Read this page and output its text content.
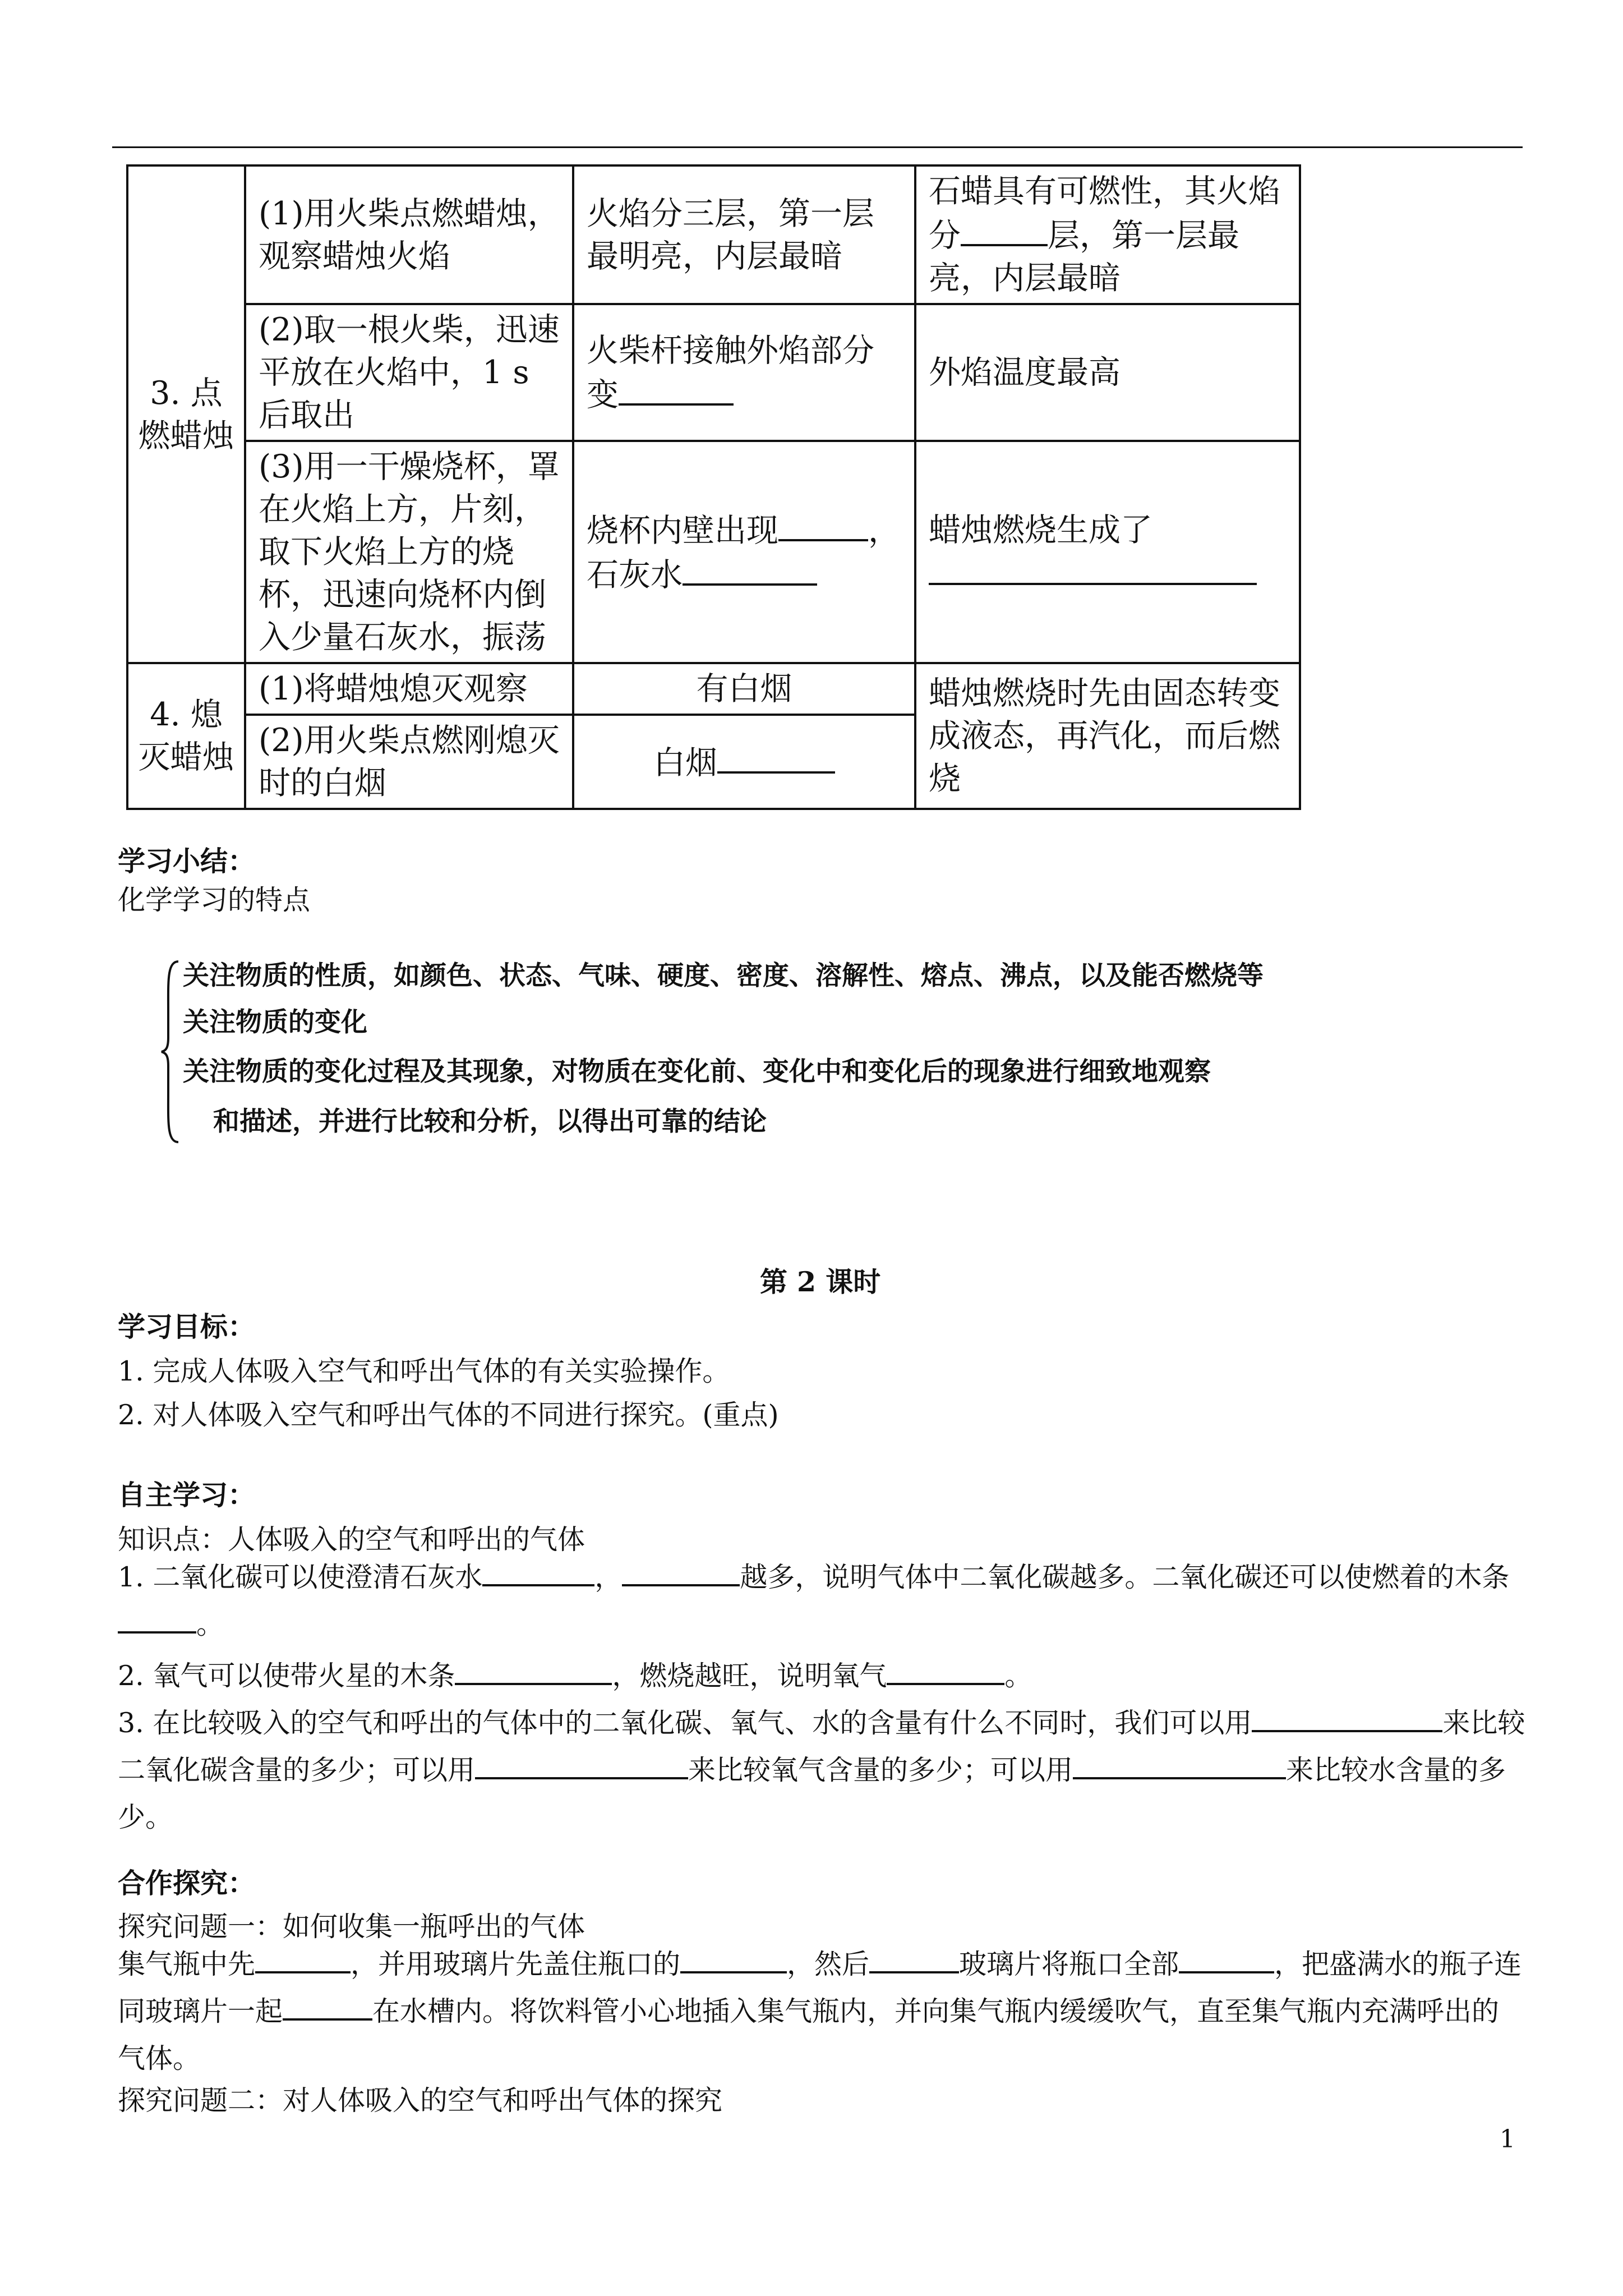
3. 点燃蜡烛	(1)用火柴点燃蜡烛，观察蜡烛火焰	火焰分三层，第一层最明亮，内层最暗	石蜡具有可燃性，其火焰分 层，第一层最亮，内层最暗
	(2)取一根火柴，迅速平放在火焰中，1 s后取出	火柴杆接触外焰部分变	外焰温度最高
	(3)用一干燥烧杯，罩在火焰上方，片刻，取下火焰上方的烧杯，迅速向烧杯内倒入少量石灰水，振荡	烧杯内壁出现 ，石灰水	蜡烛燃烧生成了

4. 熄灭蜡烛	(1)将蜡烛熄灭观察	有白烟	蜡烛燃烧时先由固态转变成液态，再汽化，而后燃烧
	(2)用火柴点燃刚熄灭时的白烟	白烟	
学习小结：
化学学习的特点
关注物质的性质，如颜色、状态、气味、硬度、密度、溶解性、熔点、沸点，以及能否燃烧等
关注物质的变化
关注物质的变化过程及其现象，对物质在变化前、变化中和变化后的现象进行细致地观察
和描述，并进行比较和分析，以得出可靠的结论
第 2 课时
学习目标：
1. 完成人体吸入空气和呼出气体的有关实验操作。
2. 对人体吸入空气和呼出气体的不同进行探究。(重点)
自主学习：
知识点：人体吸入的空气和呼出的气体
1. 二氧化碳可以使澄清石灰水	，	越多，说明气体中二氧化碳越多。二氧化碳还可以使燃着的木条。
2. 氧气可以使带火星的木条	，燃烧越旺，说明氧气	。
3. 在比较吸入的空气和呼出的气体中的二氧化碳、氧气、水的含量有什么不同时，我们可以用	来比较二氧化碳含量的多少；可以用	来比较氧气含量的多少；可以用	来比较水含量的多少。
合作探究：
探究问题一：如何收集一瓶呼出的气体
集气瓶中先	，并用玻璃片先盖住瓶口的	，然后	玻璃片将瓶口全部	，把盛满水的瓶子连同玻璃片一起	在水槽内。将饮料管小心地插入集气瓶内，并向集气瓶内缓缓吹气，直至集气瓶内充满呼出的气体。
探究问题二：对人体吸入的空气和呼出气体的探究
1
